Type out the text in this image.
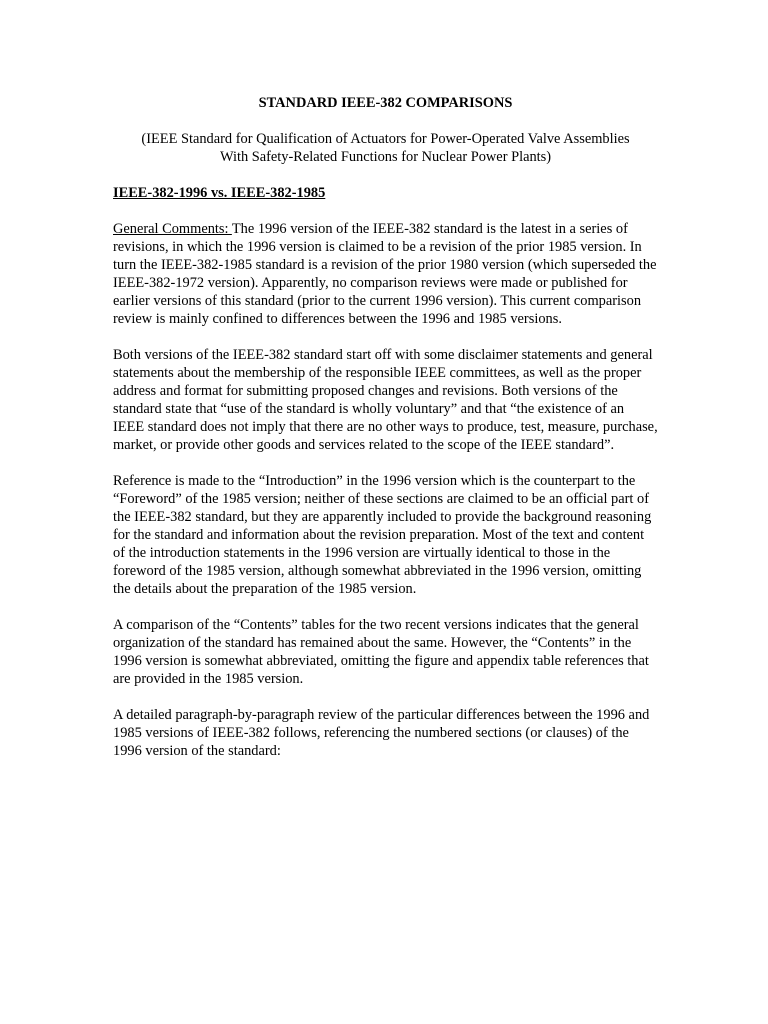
STANDARD IEEE-382 COMPARISONS
(IEEE Standard for Qualification of Actuators for Power-Operated Valve Assemblies
With Safety-Related Functions for Nuclear Power Plants)
IEEE-382-1996 vs. IEEE-382-1985

General Comments: The 1996 version of the IEEE-382 standard is the latest in a series of revisions, in which the 1996 version is claimed to be a revision of the prior 1985 version. In turn the IEEE-382-1985 standard is a revision of the prior 1980 version (which superseded the IEEE-382-1972 version). Apparently, no comparison reviews were made or published for earlier versions of this standard (prior to the current 1996 version). This current comparison review is mainly confined to differences between the 1996 and 1985 versions.

Both versions of the IEEE-382 standard start off with some disclaimer statements and general statements about the membership of the responsible IEEE committees, as well as the proper address and format for submitting proposed changes and revisions. Both versions of the standard state that “use of the standard is wholly voluntary” and that “the existence of an IEEE standard does not imply that there are no other ways to produce, test, measure, purchase, market, or provide other goods and services related to the scope of the IEEE standard”.

Reference is made to the “Introduction” in the 1996 version which is the counterpart to the “Foreword” of the 1985 version; neither of these sections are claimed to be an official part of the IEEE-382 standard, but they are apparently included to provide the background reasoning for the standard and information about the revision preparation. Most of the text and content of the introduction statements in the 1996 version are virtually identical to those in the foreword of the 1985 version, although somewhat abbreviated in the 1996 version, omitting the details about the preparation of the 1985 version.

A comparison of the “Contents” tables for the two recent versions indicates that the general organization of the standard has remained about the same. However, the “Contents” in the 1996 version is somewhat abbreviated, omitting the figure and appendix table references that are provided in the 1985 version.

A detailed paragraph-by-paragraph review of the particular differences between the 1996 and 1985 versions of IEEE-382 follows, referencing the numbered sections (or clauses) of the 1996 version of the standard:
